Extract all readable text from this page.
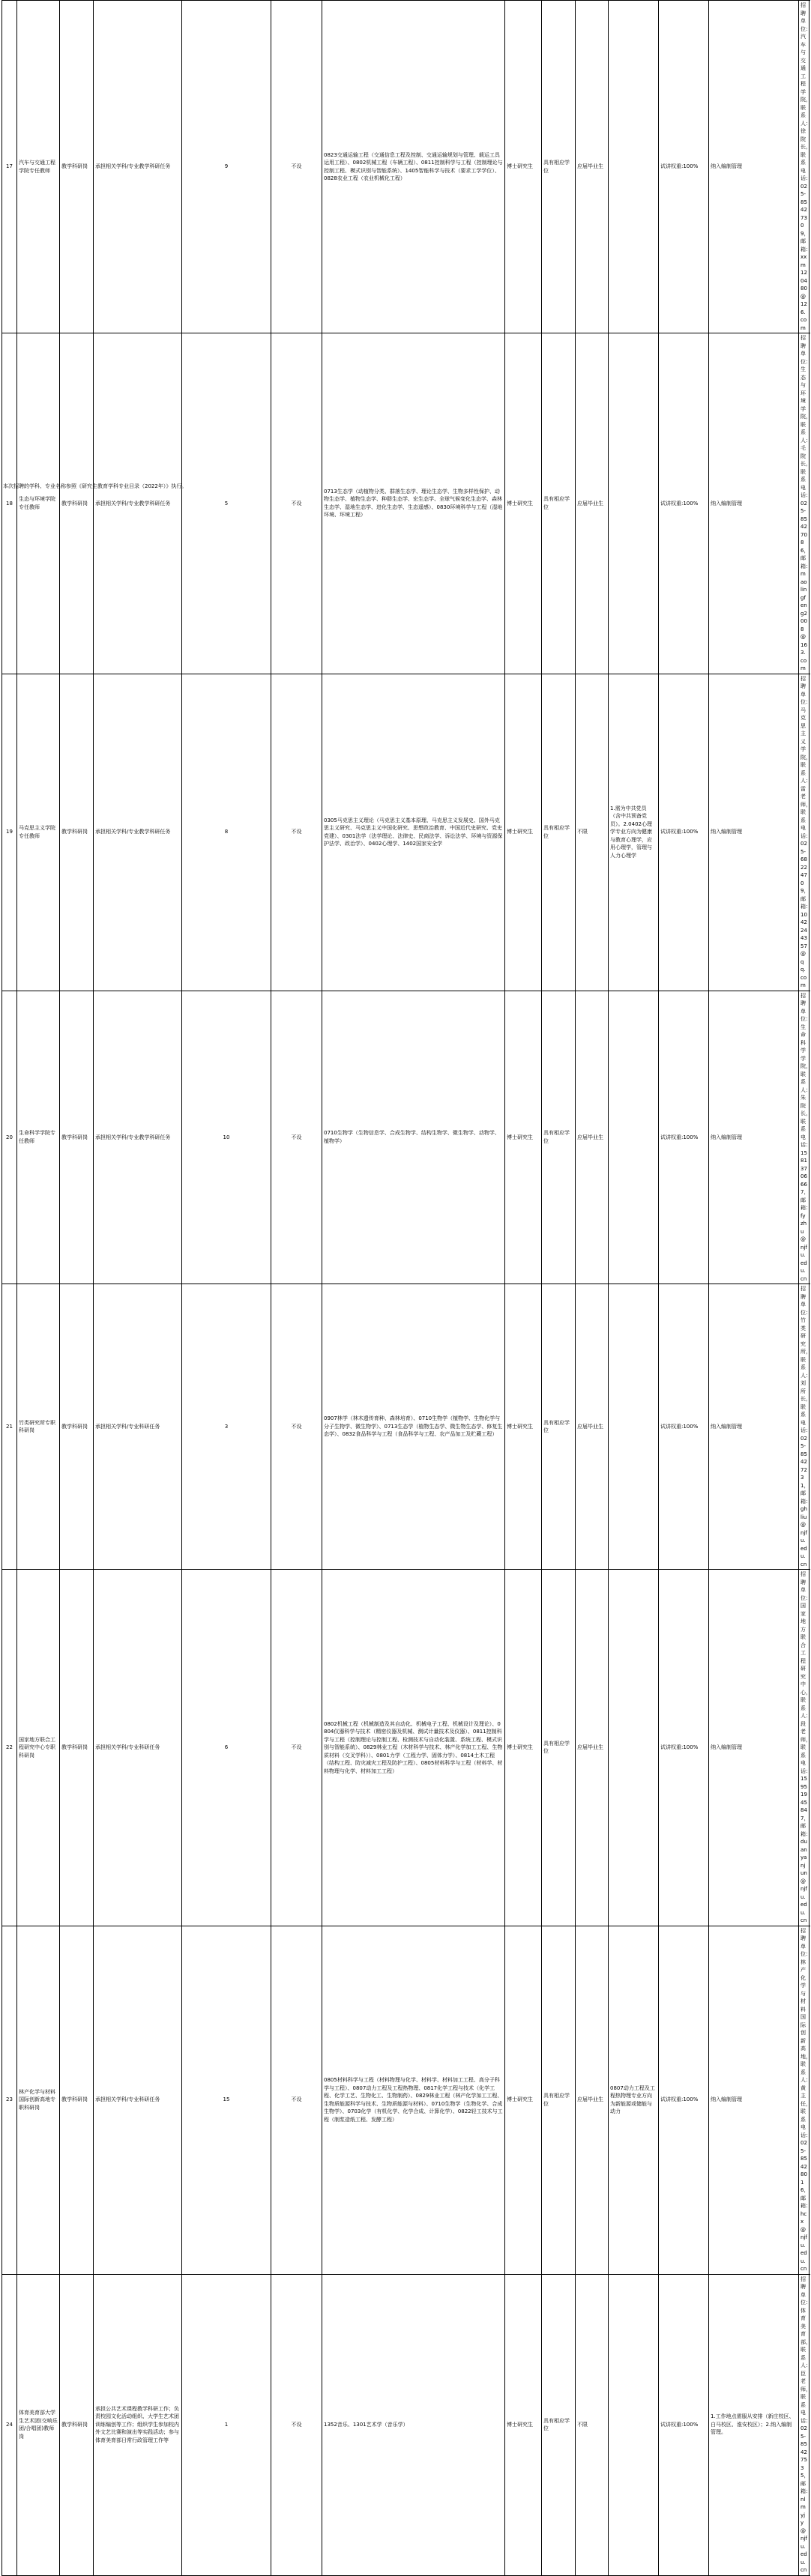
17	汽车与交通工程学院专任教师	教学科研岗	承担相关学科/专业教学科研任务	9	不设	0823交通运输工程（交通信息工程及控制、交通运输规划与管理、载运工具运用工程）、0802机械工程（车辆工程）、0811控制科学与工程（控制理论与控制工程、模式识别与智能系统）、1405智能科学与技术（要求工学学位）、0828农业工程（农业机械化工程）	博士研究生	具有相应学位	应届毕业生		试讲权重:100%	纳入编制管理	招聘单位：汽车与交通工程学院，联系人：徐院长，联系电话：025-85427309，邮箱：xxm120480@126.com
18	生态与环境学院专任教师	教学科研岗	承担相关学科/专业教学科研任务	5	不设	0713生态学（动植物分类、群落生态学、理论生态学、生物多样性保护、动物生态学、植物生态学、种群生态学、宏生态学、全球气候变化生态学、森林生态学、湿地生态学、进化生态学、生态遥感）、0830环境科学与工程（湿地环境、环境工程）	博士研究生	具有相应学位	应届毕业生		试讲权重:100%	纳入编制管理	招聘单位：生态与环境学院，联系人：毛院长，联系电话：025-85427086，邮箱：maolingfeng2008@163.com
19	马克思主义学院专任教师	教学科研岗	承担相关学科/专业教学科研任务	8	不设	0305马克思主义理论（马克思主义基本原理、马克思主义发展史、国外马克思主义研究、马克思主义中国化研究、思想政治教育、中国近代史研究、党史党建）、0301法学（法学理论、法律史、民商法学、诉讼法学、环境与资源保护法学、政治学）、0402心理学、1402国家安全学	博士研究生	具有相应学位	不限	1.需为中共党员（含中共预备党员）。2.0402心理学专业方向为健康与教育心理学，应用心理学，管理与人力心理学	试讲权重:100%	纳入编制管理	招聘单位：马克思主义学院，联系人：雷老师，联系电话：025-68224709，邮箱：1042244357@qq.com
20	生命科学学院专任教师	教学科研岗	承担相关学科/专业教学科研任务	10	不设	0710生物学（生物信息学、合成生物学、结构生物学、微生物学、动物学、植物学）	博士研究生	具有相应学位	应届毕业生		试讲权重:100%	纳入编制管理	招聘单位：生命科学学院，联系人：朱院长，联系电话：15813706667，邮箱：fyzhu@njfu.edu.cn
21	竹类研究所专职科研岗	教学科研岗	承担相关学科/专业科研任务	3	不设	0907林学（林木遗传育种、森林培育）、0710生物学（植物学、生物化学与分子生物学、微生物学）、0713生态学（植物生态学、微生物生态学、修复生态学）、0832食品科学与工程（食品科学与工程、农产品加工及贮藏工程）	博士研究生	具有相应学位	应届毕业生		试讲权重:100%	纳入编制管理	招聘单位：竹类研究所，联系人：刘所长，联系电话：025-85427231，邮箱：ghliu@njfu.edu.cn
22	国家地方联合工程研究中心专职科研岗	教学科研岗	承担相关学科/专业科研任务	6	不设	0802机械工程（机械制造及其自动化、机械电子工程、机械设计及理论）、0804仪器科学与技术（精密仪器及机械、测试计量技术及仪器）、0811控制科学与工程（控制理论与控制工程、检测技术与自动化装置、系统工程、模式识别与智能系统）、0829林业工程（木材科学与技术、林产化学加工工程、生物质材料（交叉学科））、0801力学（工程力学、固体力学）、0814土木工程（结构工程、防灾减灾工程及防护工程）、0805材料科学与工程（材料学、材料物理与化学、材料加工工程）	博士研究生	具有相应学位	应届毕业生		试讲权重:100%	纳入编制管理	招聘单位：国家地方联合工程研究中心，联系人：段老师，联系电话：15951945847，邮箱：duanyanjun@njfu.edu.cn
23	林产化学与材料国际创新高地专职科研岗	教学科研岗	承担相关学科/专业科研任务	15	不设	0805材料科学与工程（材料物理与化学、材料学、材料加工工程、高分子科学与工程）、0807动力工程及工程热物理、0817化学工程与技术（化学工程、化学工艺、生物化工、生物制药）、0829林业工程（林产化学加工工程、生物质能源科学与技术、生物质能源与材料）、0710生物学（生物化学、合成生物学）、0703化学（有机化学、化学合成、计算化学）、0822轻工技术与工程（制浆造纸工程、发酵工程）	博士研究生	具有相应学位	应届毕业生	0807动力工程及工程热物理专业方向为新能源或储能与动力	试讲权重:100%	纳入编制管理	招聘单位：林产化学与材料国际创新高地，联系人：黄主任，联系电话：025-85428016，邮箱：hcx@njfu.edu.cn
24	体育美育部大学生艺术团(交响乐团/合唱团)教师岗	教学科研岗	承担公共艺术课程教学科研工作；负责校园文化活动组织、大学生艺术团训练编创等工作；组织学生参加校内外文艺比赛和演出等实践活动；参与体育美育部日常行政管理工作等	1	不设	1352音乐、1301艺术学（音乐学）	博士研究生	具有相应学位	不限		试讲权重:100%	1.工作地点需服从安排（新庄校区、白马校区、淮安校区）；2.纳入编制管理。	招聘单位：体育美育部，联系人：臣老师，联系电话：025-85427535，邮箱：nlmyjy@njfu.edu.cn
本次招聘的学科、专业名称参照《研究生教育学科专业目录（2022年）》执行。
